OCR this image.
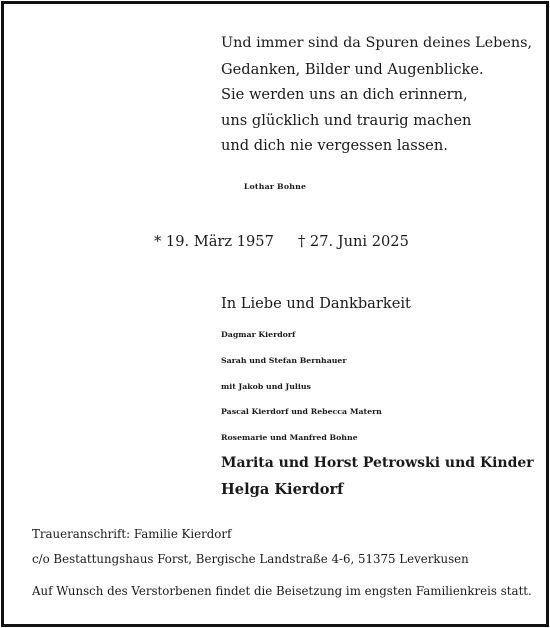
Und immer sind da Spuren deines Lebens,
Gedanken, Bilder und Augenblicke.
Sie werden uns an dich erinnern,
uns glücklich und traurig machen
und dich nie vergessen lassen.
Lothar Bohne
* 19. März 1957 † 27. Juni 2025
In Liebe und Dankbarkeit
Dagmar Kierdorf
Sarah und Stefan Bernhauer
mit Jakob und Julius
Pascal Kierdorf und Rebecca Matern
Rosemarie und Manfred Bohne
Marita und Horst Petrowski und Kinder
Helga Kierdorf
Traueranschrift: Familie Kierdorf
c/o Bestattungshaus Forst, Bergische Landstraße 4-6, 51375 Leverkusen
Auf Wunsch des Verstorbenen findet die Beisetzung im engsten Familienkreis statt.
